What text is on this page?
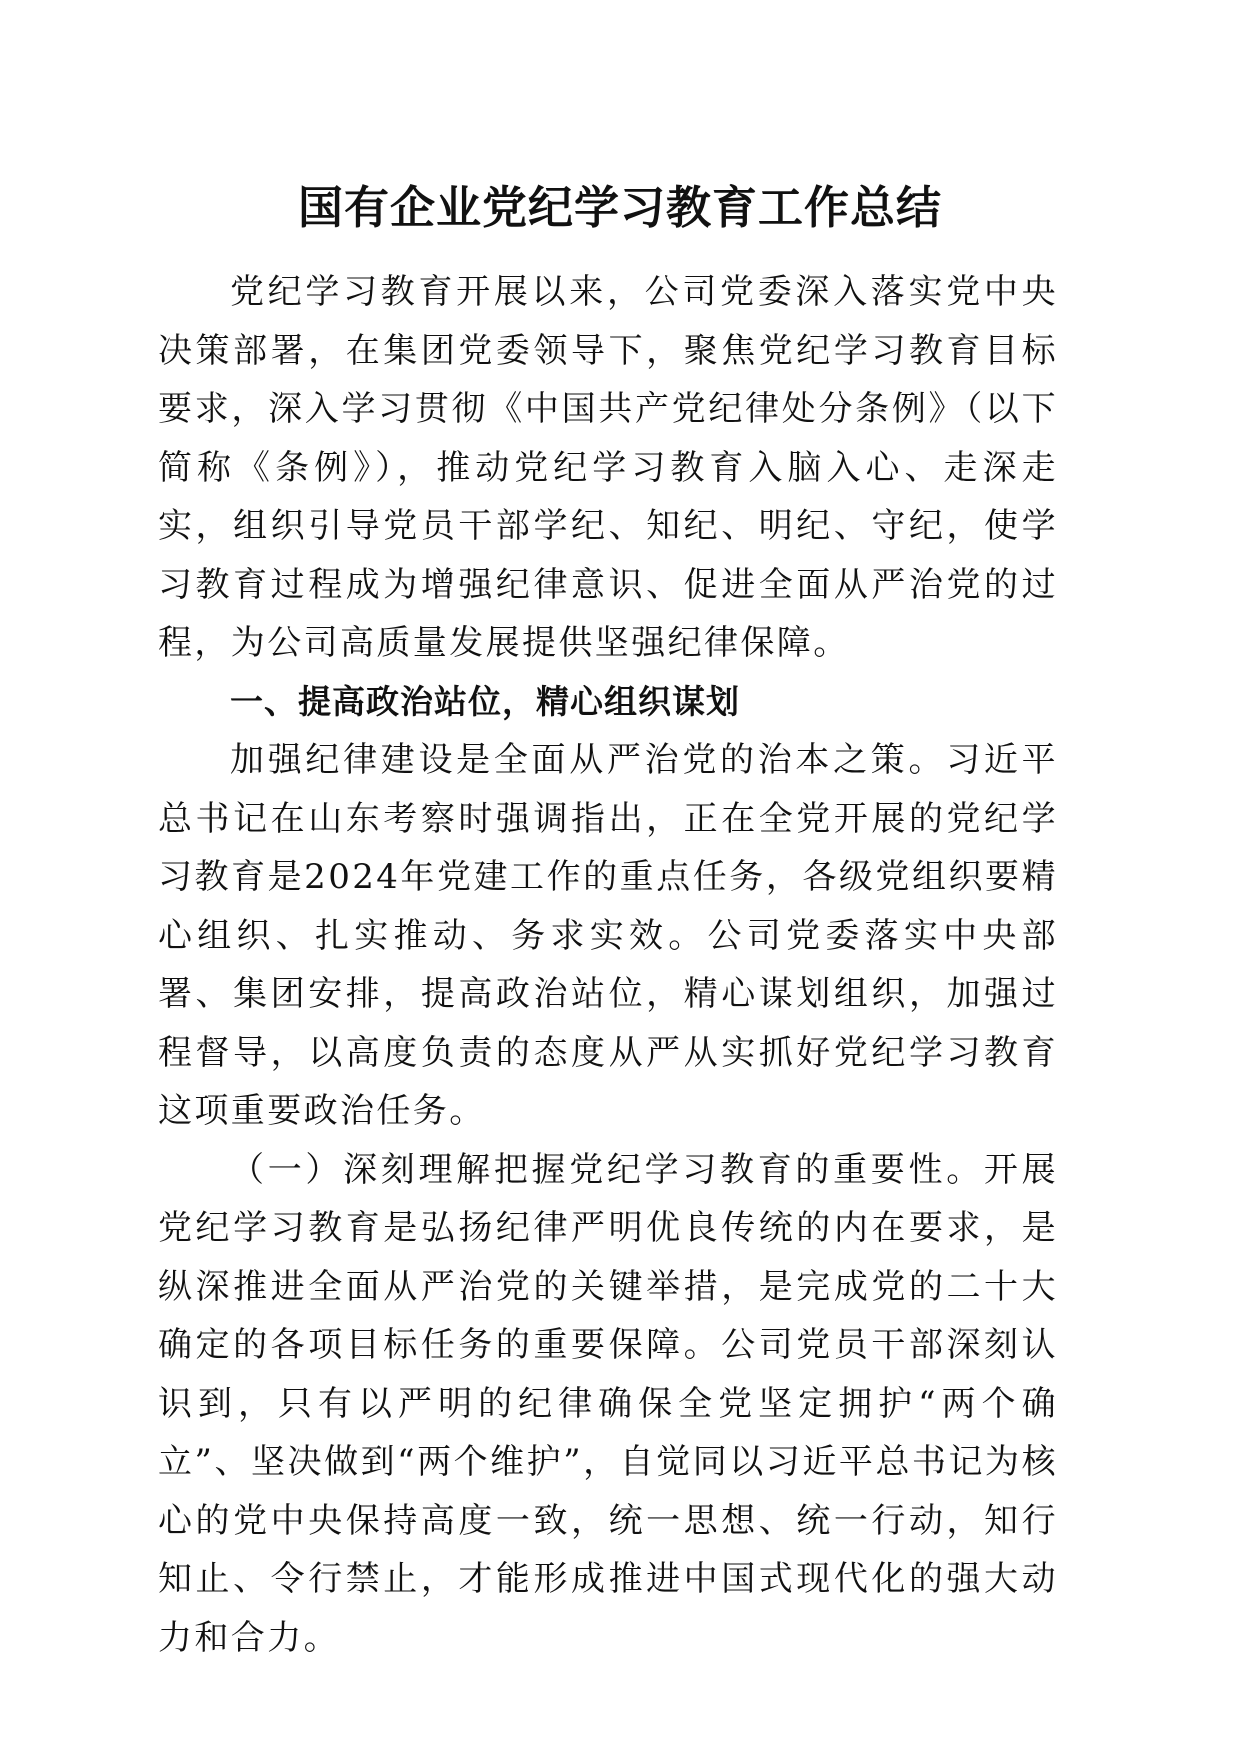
国有企业党纪学习教育工作总结

党纪学习教育开展以来，公司党委深入落实党中央决策部署，在集团党委领导下，聚焦党纪学习教育目标要求，深入学习贯彻《中国共产党纪律处分条例》（以下简称《条例》），推动党纪学习教育入脑入心、走深走实，组织引导党员干部学纪、知纪、明纪、守纪，使学习教育过程成为增强纪律意识、促进全面从严治党的过程，为公司高质量发展提供坚强纪律保障。

一、提高政治站位，精心组织谋划

加强纪律建设是全面从严治党的治本之策。习近平总书记在山东考察时强调指出，正在全党开展的党纪学习教育是2024年党建工作的重点任务，各级党组织要精心组织、扎实推动、务求实效。公司党委落实中央部署、集团安排，提高政治站位，精心谋划组织，加强过程督导，以高度负责的态度从严从实抓好党纪学习教育这项重要政治任务。

（一）深刻理解把握党纪学习教育的重要性。开展党纪学习教育是弘扬纪律严明优良传统的内在要求，是纵深推进全面从严治党的关键举措，是完成党的二十大确定的各项目标任务的重要保障。公司党员干部深刻认识到，只有以严明的纪律确保全党坚定拥护“两个确立”、坚决做到“两个维护”，自觉同以习近平总书记为核心的党中央保持高度一致，统一思想、统一行动，知行知止、令行禁止，才能形成推进中国式现代化的强大动力和合力。
